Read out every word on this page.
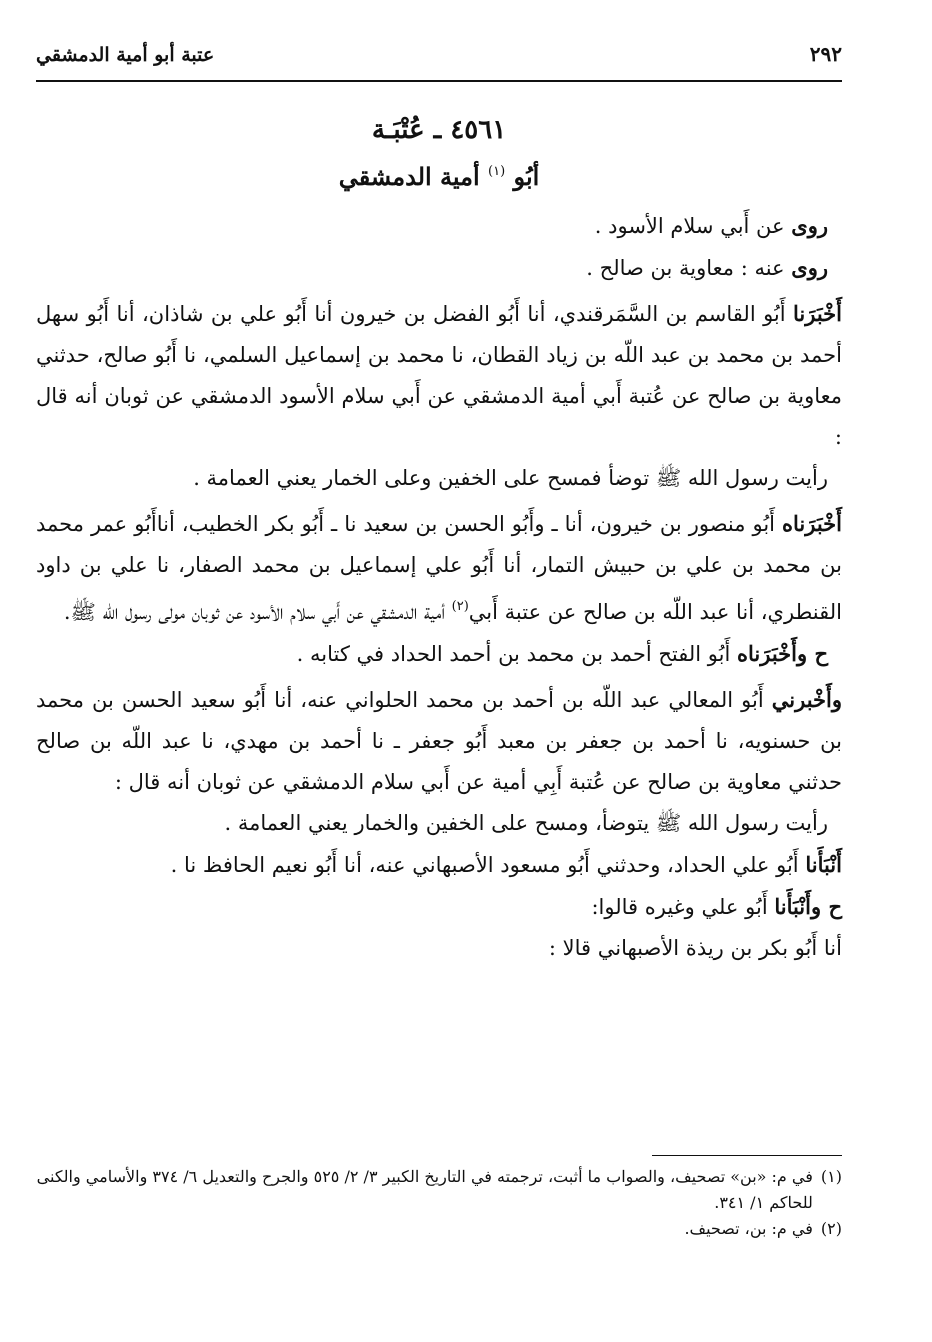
عتبة أبو أمية الدمشقي	٢٩٢
٤٥٦١ ـ عُتْبَـة
أبُو $^{(١)}$ أمية الدمشقي

روى عن أَبي سلام الأسود .

روى عنه : معاوية بن صالح .

أَخْبَرَنا أَبُو القاسم بن السَّمَرقندي، أنا أَبُو الفضل بن خيرون أنا أَبُو علي بن شاذان، أنا أَبُو سهل أحمد بن محمد بن عبد اللّه بن زياد القطان، نا محمد بن إسماعيل السلمي، نا أَبُو صالح، حدثني معاوية بن صالح عن عُتبة أَبي أمية الدمشقي عن أَبي سلام الأسود الدمشقي عن ثوبان أنه قال :

رأيت رسول الله ﷺ توضأ فمسح على الخفين وعلى الخمار يعني العمامة .

أَخْبَرَناه أَبُو منصور بن خيرون، أنا ـ وأَبُو الحسن بن سعيد نا ـ أَبُو بكر الخطيب، أناأَبُو عمر محمد بن محمد بن علي بن حبيش التمار، أنا أَبُو علي إسماعيل بن محمد الصفار، نا علي بن داود القنطري، أنا عبد اللّه بن صالح عن عتبة أَبي$^{(٢)}$ أمية الدمشقي عن أَبي سلام الأسود عن ثوبان مولى رسول الله ﷺ.

ح وأَخْبَرَناه أَبُو الفتح أحمد بن محمد بن أحمد الحداد في كتابه .

وأَخْبرني أَبُو المعالي عبد اللّه بن أحمد بن محمد الحلواني عنه، أنا أَبُو سعيد الحسن بن محمد بن حسنويه، نا أحمد بن جعفر بن معبد أَبُو جعفر ـ نا أحمد بن مهدي، نا عبد اللّه بن صالح حدثني معاوية بن صالح عن عُتبة أَبِي أمية عن أَبي سلام الدمشقي عن ثوبان أنه قال :

رأيت رسول الله ﷺ يتوضأ، ومسح على الخفين والخمار يعني العمامة .

أَنْبَأَنا أَبُو علي الحداد، وحدثني أَبُو مسعود الأصبهاني عنه، أنا أَبُو نعيم الحافظ نا .

ح وأَنْبَأَنا أَبُو علي وغيره قالوا:

أنا أَبُو بكر بن ريذة الأصبهاني قالا :

(١)
في م: «بن» تصحيف، والصواب ما أثبت، ترجمته في التاريخ الكبير ٣/ ٢/ ٥٢٥ والجرح والتعديل ٦/ ٣٧٤ والأسامي والكنى للحاكم ١/ ٣٤١.
(٢)
في م: بن، تصحيف.
